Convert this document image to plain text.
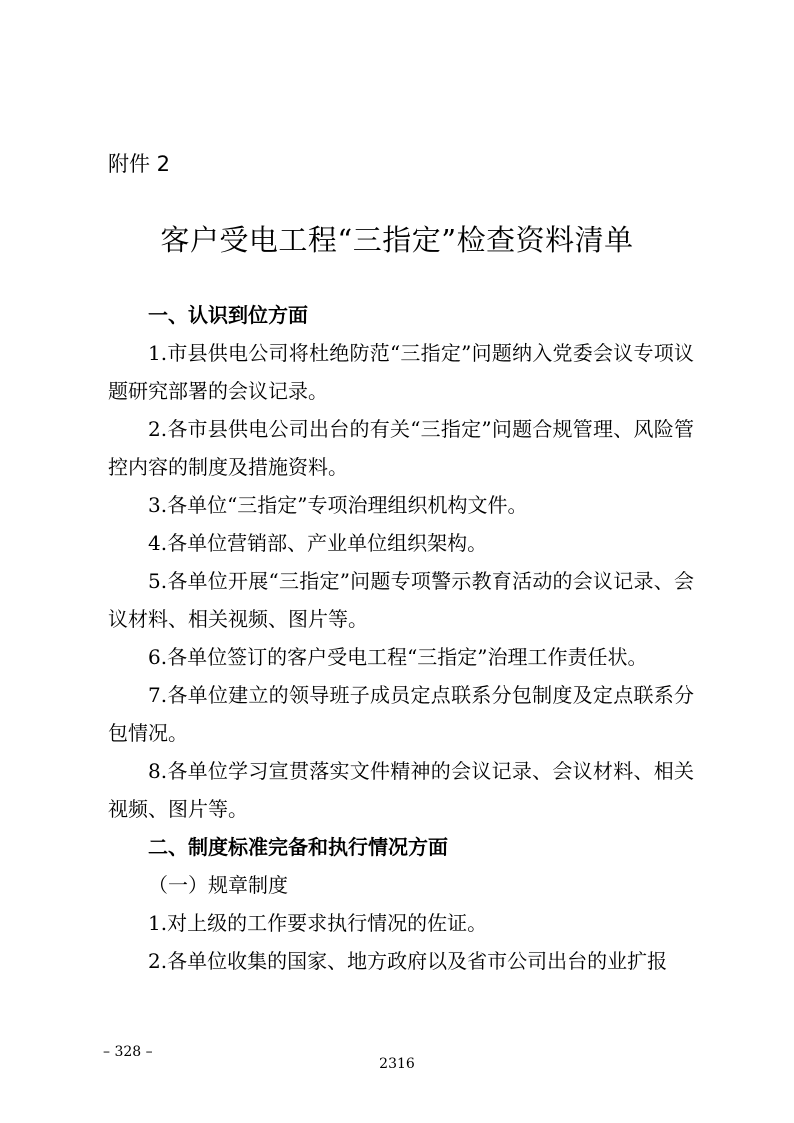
附件 2
客户受电工程“三指定”检查资料清单

一、认识到位方面

1.市县供电公司将杜绝防范“三指定”问题纳入党委会议专项议题研究部署的会议记录。

2.各市县供电公司出台的有关“三指定”问题合规管理、风险管控内容的制度及措施资料。

3.各单位“三指定”专项治理组织机构文件。

4.各单位营销部、产业单位组织架构。

5.各单位开展“三指定”问题专项警示教育活动的会议记录、会议材料、相关视频、图片等。

6.各单位签订的客户受电工程“三指定”治理工作责任状。

7.各单位建立的领导班子成员定点联系分包制度及定点联系分包情况。

8.各单位学习宣贯落实文件精神的会议记录、会议材料、相关视频、图片等。

二、制度标准完备和执行情况方面

（一）规章制度

1.对上级的工作要求执行情况的佐证。

2.各单位收集的国家、地方政府以及省市公司出台的业扩报

– 328 –
2316
